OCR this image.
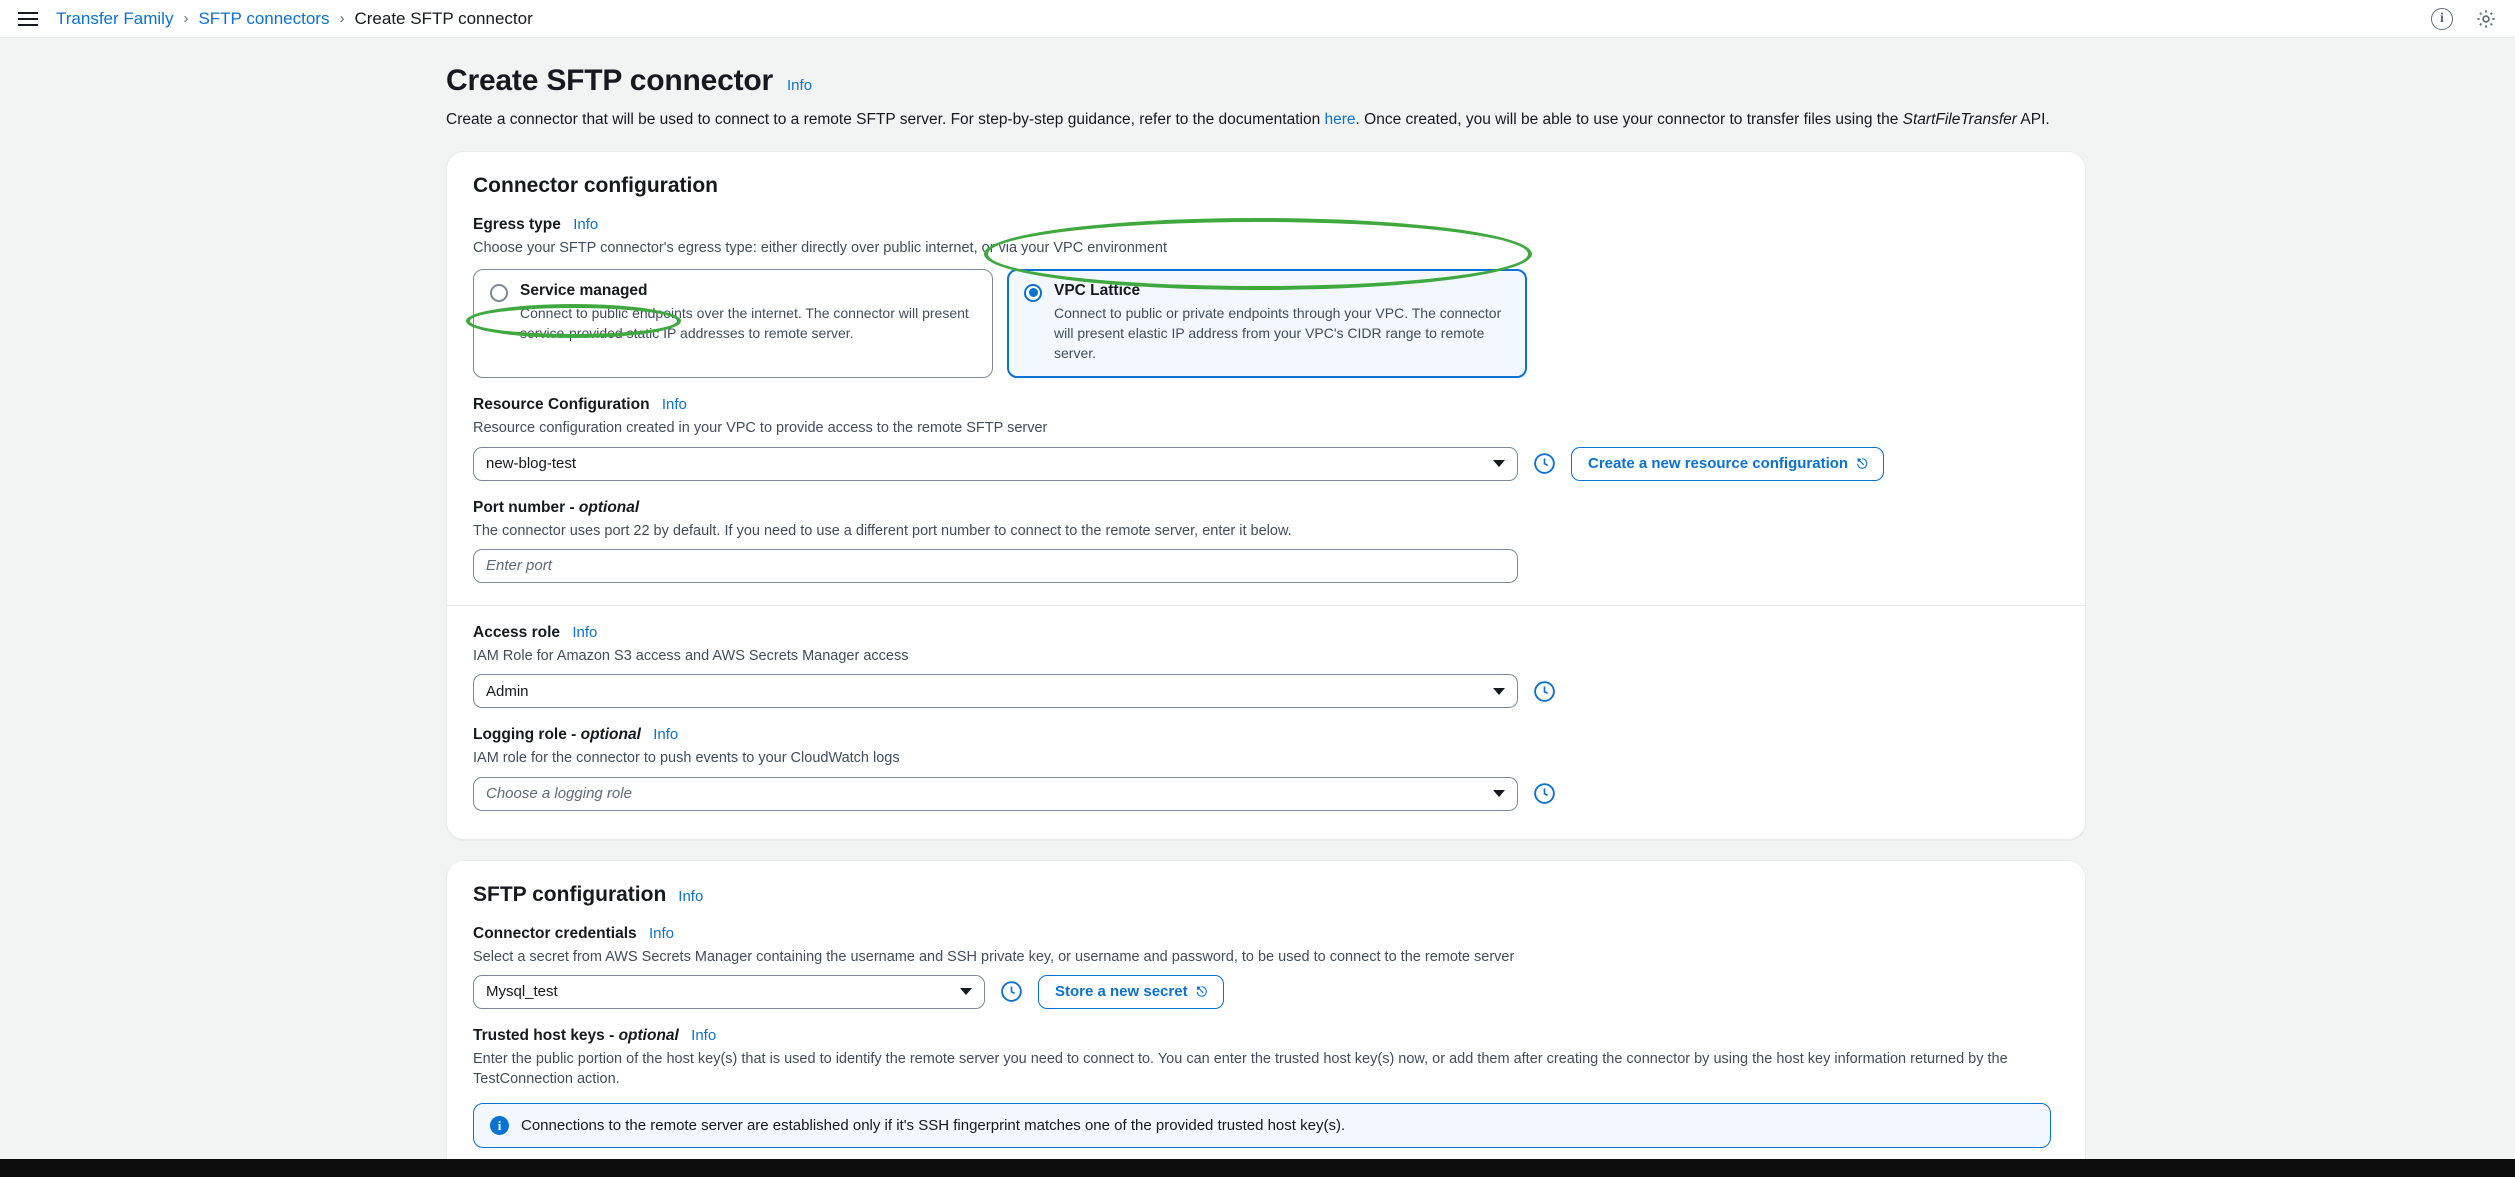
Transfer Family › SFTP connectors › Create SFTP connector	i
Create SFTP connector Info
Create a connector that will be used to connect to a remote SFTP server. For step-by-step guidance, refer to the documentation here. Once created, you will be able to use your connector to transfer files using the StartFileTransfer API.
Connector configuration
Egress type Info
Choose your SFTP connector's egress type: either directly over public internet, or via your VPC environment
Service managed
Connect to public endpoints over the internet. The connector will present service-provided static IP addresses to remote server.
VPC Lattice
Connect to public or private endpoints through your VPC. The connector will present elastic IP address from your VPC's CIDR range to remote server.
Resource Configuration Info
Resource configuration created in your VPC to provide access to the remote SFTP server
new-blog-test	Create a new resource configuration ⎋
Port number - optional
The connector uses port 22 by default. If you need to use a different port number to connect to the remote server, enter it below.
Enter port
Access role Info
IAM Role for Amazon S3 access and AWS Secrets Manager access
Admin
Logging role - optional Info
IAM role for the connector to push events to your CloudWatch logs
Choose a logging role
SFTP configuration Info
Connector credentials Info
Select a secret from AWS Secrets Manager containing the username and SSH private key, or username and password, to be used to connect to the remote server
Mysql_test	Store a new secret ⎋
Trusted host keys - optional Info
Enter the public portion of the host key(s) that is used to identify the remote server you need to connect to. You can enter the trusted host key(s) now, or add them after creating the connector by using the host key information returned by the TestConnection action.
i	Connections to the remote server are established only if it's SSH fingerprint matches one of the provided trusted host key(s).
